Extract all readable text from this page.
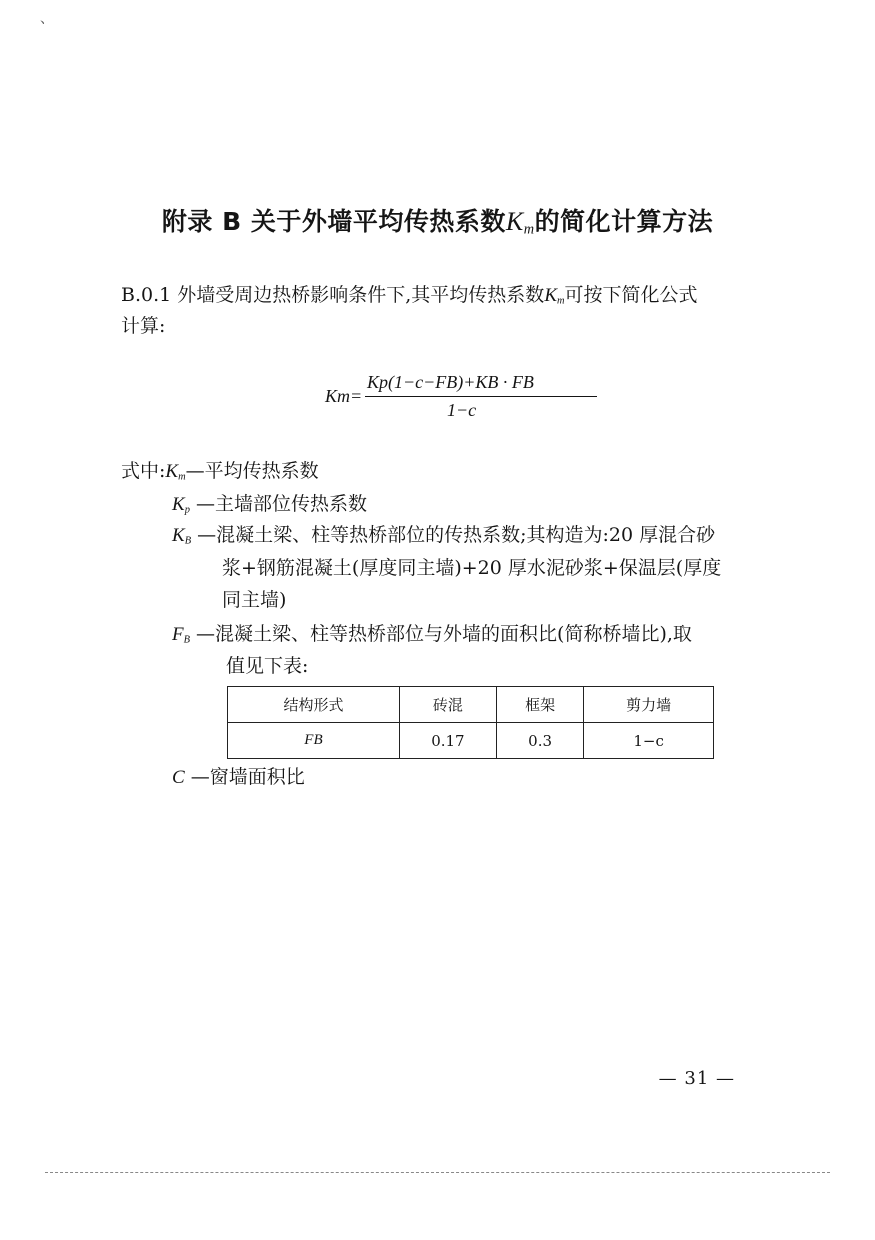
、
附录 B 关于外墙平均传热系数$K_m$的简化计算方法
B.0.1 外墙受周边热桥影响条件下,其平均传热系数$K_m$可按下简化公式
计算:
Km=
Kp(1−c−FB)+KB · FB
1−c
式中$:K_m—$平均传热系数
$K_p$ —主墙部位传热系数
$K_B$ —混凝土梁、柱等热桥部位的传热系数;其构造为:20 厚混合砂
浆+钢筋混凝土(厚度同主墙)+20 厚水泥砂浆+保温层(厚度
同主墙)
$F_B$ —混凝土梁、柱等热桥部位与外墙的面积比(简称桥墙比),取
值见下表:
结构形式	砖混	框架	剪力墙
FB	0.17	0.3	1−c
C —窗墙面积比
— 31 —
